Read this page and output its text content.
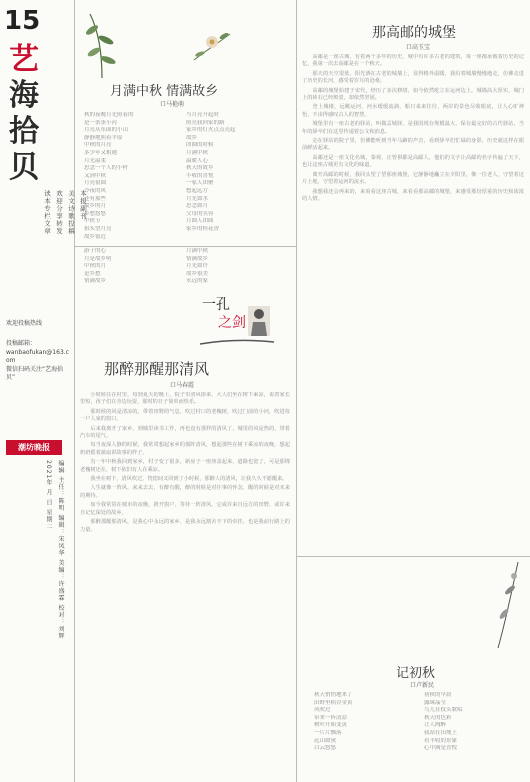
15
艺
海
拾
贝
读本专栏文章 欢迎分享转发 美文诗歌投稿 本报副刊
欢迎投稿热线
投稿邮箱：
wanbaofukan@163.com
微信扫码关注“艺海拾贝”
潮坊晚报
2021年 月 日 星期二 编辑 主任：陈明 编辑：宋凤华 美编：许盛霖 校对：刘辉
月满中秋 情满故乡
口马艳萌
秋的夜晚月光照着的
是一条条小河
月亮从东面的小山
静静地照着平原
中秋的月亮
多少年又相遇
月光温柔
思念一个人的小村
又到中秋
月亮很圆
今夜的风
还有那些
故乡的月
乡愁悠悠
中秋节
抬头望月亮
故乡很近
当月亮升起时
照亮我回家的路
家乡的灯火点点亮起
故乡
团圆的时候
月满中秋
温暖人心
秋天的故乡
丰收的喜悦
一家人团聚
想起远方
月光如水
思念如月
父母的笑容
月圆人团圆
家乡的桂花香
游子的心
月是故乡明
中秋的月
是乡愁
情满故乡
月满中秋
情满故乡
月光如许
故乡很美
永远的家
一孔
之剑
那醉那醒那清风
口马春霞

小时候住在村里，每到夏天的晚上，院子里清风徐来，大人们坐在树下乘凉，说着家长里短，孩子们在旁边玩耍，那时的日子简单而快乐。

那时候的风是清凉的，带着田野的气息，吹过村口的老槐树，吹过门前的小河，吹进每一户人家的窗口。

后来我离开了家乡，到城里读书工作，再也没有那样的清风了，城里的风是热的，带着汽车的尾气。

每当夜深人静的时候，我常常想起家乡的那阵清风，想起那些在树下乘凉的夜晚，想起奶奶摇着蒲扇讲故事的样子。

有一年中秋我回到家乡，村子变了很多，新房子一座座盖起来，道路也宽了，可是那棵老槐树还在，树下依旧有人在乘凉。

我坐在树下，清风吹过，恍惚间又回到了小时候，那醉人的清风，让我久久不愿醒来。

人生就像一阵风，来来去去，有醉有醒，醉的时候是对往事的怀念，醒的时候是对未来的期待。

如今我常常在城市的夜晚，推开窗户，等待一阵清风，它或许来自远方的田野，或许来自记忆深处的故乡。

那醉那醒那清风，是我心中永远的家乡，是我永远割舍不下的牵挂，也是我前行路上的力量。

那高邮的城堡
口高玉宝

高邮是一座古城，有着两千多年的历史，城中有许多古老的建筑，每一座都承载着历史的记忆，我第一次去高邮是在一个秋天。

那天的天空很蓝，阳光洒在古老的城墙上，显得格外温暖，我沿着城墙慢慢地走，仿佛走进了历史的长河，感受着岁月的沧桑。

高邮的城堡始建于宋代，经历了多次修缮，如今依然屹立在运河边上，城墙高大厚实，城门上的砖石已经斑驳，却依然坚固。

登上城楼，远眺运河，河水缓缓流淌，船只来来往往，两岸的景色尽收眼底，让人心旷神怡，不由得感叹古人的智慧。

城堡里有一座古老的驿站，叫做盂城驿，是我国现存规模最大、保存最完好的古代驿站，当年的驿卒们在这里传递着公文和消息。

走在驿站的院子里，仿佛能听到当年马蹄的声音，看到驿卒们忙碌的身影，历史就这样在眼前鲜活起来。

高邮还是一座文化名城，秦观、汪曾祺都是高邮人，他们的文字让高邮的名字传遍了天下，也让这座古城更有文化的味道。

离开高邮的时候，我回头望了望那座城堡，它静静地矗立在夕阳里，像一位老人，守望着这片土地，守望着运河的流水。

我想我还会再来的，来看看这座古城，来看看那高邮的城堡，来感受那份厚重的历史和浓浓的人情。

记初秋
口卢新民
秋天悄悄地来了
田野里稻谷金黄
风吹过
带来一阵清凉
树叶开始变黄
一片片飘落
远山如黛
白云悠悠
初秋的早晨
露珠晶莹
鸟儿在枝头歌唱
秋天的色彩
让人陶醉
我站在田埂上
看丰收的景象
心中满是喜悦
